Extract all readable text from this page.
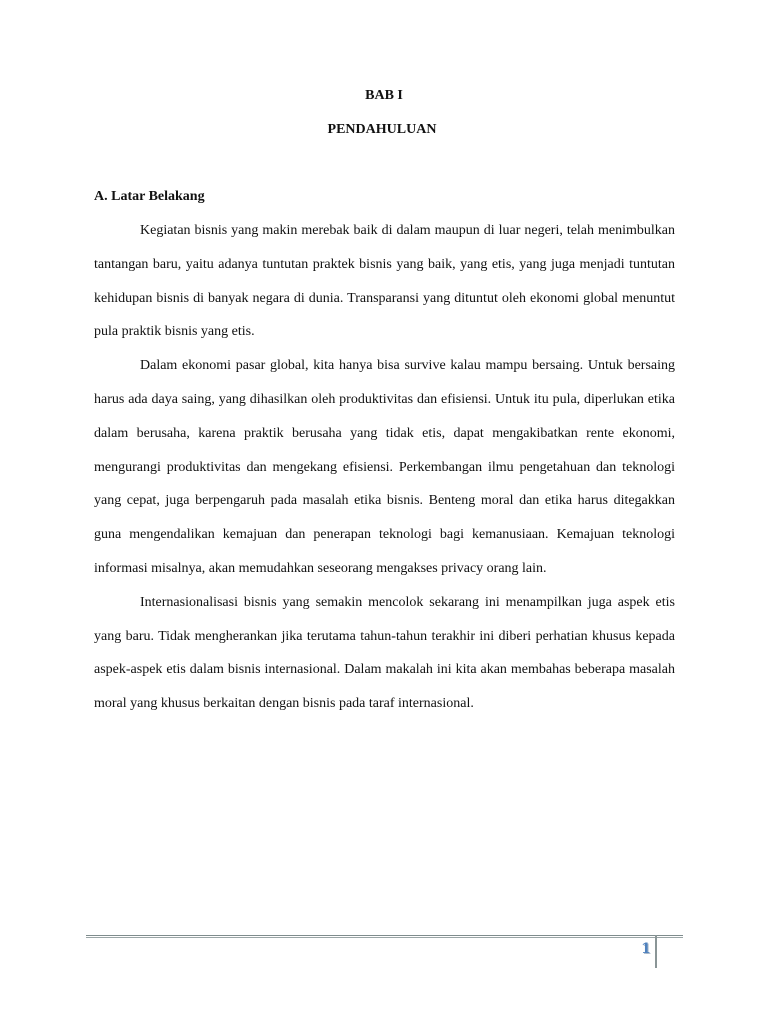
BAB I
PENDAHULUAN
A. Latar Belakang

Kegiatan bisnis yang makin merebak baik di dalam maupun di luar negeri, telah menimbulkan tantangan baru, yaitu adanya tuntutan praktek bisnis yang baik, yang etis, yang juga menjadi tuntutan kehidupan bisnis di banyak negara di dunia. Transparansi yang dituntut oleh ekonomi global menuntut pula praktik bisnis yang etis.

Dalam ekonomi pasar global, kita hanya bisa survive kalau mampu bersaing. Untuk bersaing harus ada daya saing, yang dihasilkan oleh produktivitas dan efisiensi. Untuk itu pula, diperlukan etika dalam berusaha, karena praktik berusaha yang tidak etis, dapat mengakibatkan rente ekonomi, mengurangi produktivitas dan mengekang efisiensi. Perkembangan ilmu pengetahuan dan teknologi yang cepat, juga berpengaruh pada masalah etika bisnis. Benteng moral dan etika harus ditegakkan guna mengendalikan kemajuan dan penerapan teknologi bagi kemanusiaan. Kemajuan teknologi informasi misalnya, akan memudahkan seseorang mengakses privacy orang lain.

Internasionalisasi bisnis yang semakin mencolok sekarang ini menampilkan juga aspek etis yang baru. Tidak mengherankan jika terutama tahun-tahun terakhir ini diberi perhatian khusus kepada aspek-aspek etis dalam bisnis internasional. Dalam makalah ini kita akan membahas beberapa masalah moral yang khusus berkaitan dengan bisnis pada taraf internasional.

1
